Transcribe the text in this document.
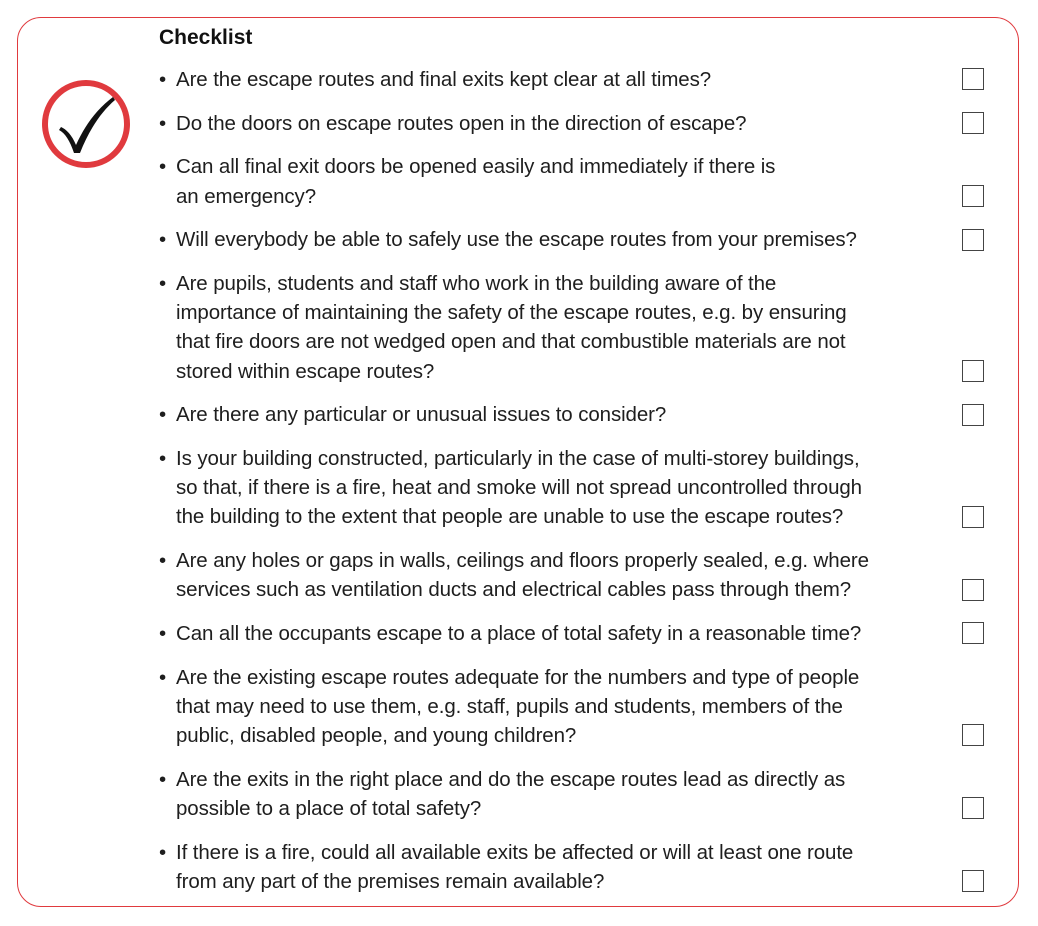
Checklist
• Are the escape routes and final exits kept clear at all times?
• Do the doors on escape routes open in the direction of escape?
• Can all final exit doors be opened easily and immediately if there is
an emergency?
• Will everybody be able to safely use the escape routes from your premises?
• Are pupils, students and staff who work in the building aware of the
importance of maintaining the safety of the escape routes, e.g. by ensuring
that fire doors are not wedged open and that combustible materials are not
stored within escape routes?
• Are there any particular or unusual issues to consider?
• Is your building constructed, particularly in the case of multi-storey buildings,
so that, if there is a fire, heat and smoke will not spread uncontrolled through
the building to the extent that people are unable to use the escape routes?
• Are any holes or gaps in walls, ceilings and floors properly sealed, e.g. where
services such as ventilation ducts and electrical cables pass through them?
• Can all the occupants escape to a place of total safety in a reasonable time?
• Are the existing escape routes adequate for the numbers and type of people
that may need to use them, e.g. staff, pupils and students, members of the
public, disabled people, and young children?
• Are the exits in the right place and do the escape routes lead as directly as
possible to a place of total safety?
• If there is a fire, could all available exits be affected or will at least one route
from any part of the premises remain available?
